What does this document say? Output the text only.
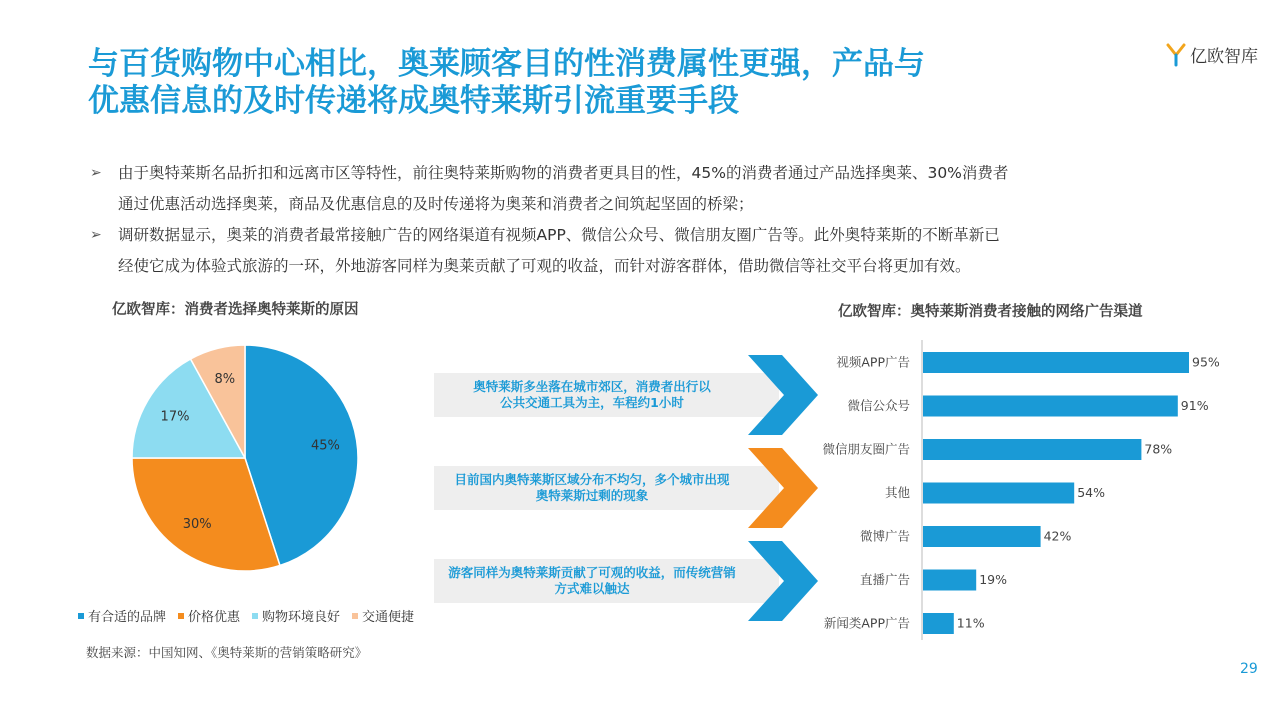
与百货购物中心相比，奥莱顾客目的性消费属性更强，产品与
优惠信息的及时传递将成奥特莱斯引流重要手段
亿欧智库
➢	由于奥特莱斯名品折扣和远离市区等特性，前往奥特莱斯购物的消费者更具目的性，45%的消费者通过产品选择奥莱、30%消费者
通过优惠活动选择奥莱，商品及优惠信息的及时传递将为奥莱和消费者之间筑起坚固的桥梁；
➢	调研数据显示，奥莱的消费者最常接触广告的网络渠道有视频APP、微信公众号、微信朋友圈广告等。此外奥特莱斯的不断革新已
经使它成为体验式旅游的一环，外地游客同样为奥莱贡献了可观的收益，而针对游客群体，借助微信等社交平台将更加有效。
亿欧智库：消费者选择奥特莱斯的原因	亿欧智库：奥特莱斯消费者接触的网络广告渠道
45%
30%
17%
8%
有合适的品牌 价格优惠 购物环境良好 交通便捷
数据来源：中国知网、《奥特莱斯的营销策略研究》
奥特莱斯多坐落在城市郊区，消费者出行以
公共交通工具为主，车程约1小时
目前国内奥特莱斯区域分布不均匀，多个城市出现
奥特莱斯过剩的现象
游客同样为奥特莱斯贡献了可观的收益，而传统营销
方式难以触达
视频APP广告	95%
微信公众号	91%
微信朋友圈广告	78%
其他	54%
微博广告	42%
直播广告	19%
新闻类APP广告	11%
29
